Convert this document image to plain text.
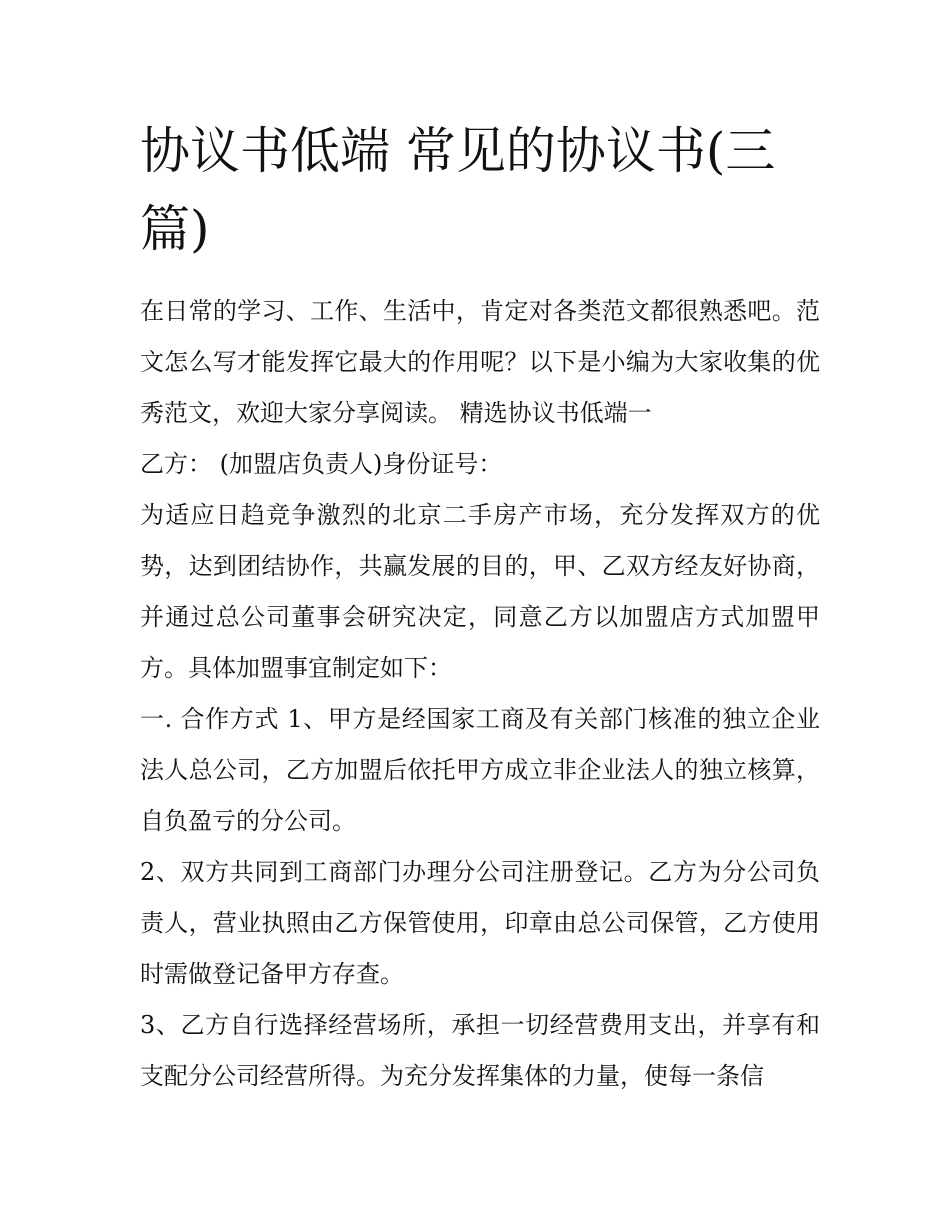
协议书低端 常见的协议书(三篇)

在日常的学习、工作、生活中，肯定对各类范文都很熟悉吧。范文怎么写才能发挥它最大的作用呢？以下是小编为大家收集的优秀范文，欢迎大家分享阅读。 精选协议书低端一

乙方： (加盟店负责人)身份证号：

为适应日趋竞争激烈的北京二手房产市场，充分发挥双方的优势，达到团结协作，共赢发展的目的，甲、乙双方经友好协商，并通过总公司董事会研究决定，同意乙方以加盟店方式加盟甲方。具体加盟事宜制定如下：

一. 合作方式 1、甲方是经国家工商及有关部门核准的独立企业法人总公司，乙方加盟后依托甲方成立非企业法人的独立核算，自负盈亏的分公司。

2、双方共同到工商部门办理分公司注册登记。乙方为分公司负责人，营业执照由乙方保管使用，印章由总公司保管，乙方使用时需做登记备甲方存查。

3、乙方自行选择经营场所，承担一切经营费用支出，并享有和支配分公司经营所得。为充分发挥集体的力量，使每一条信
